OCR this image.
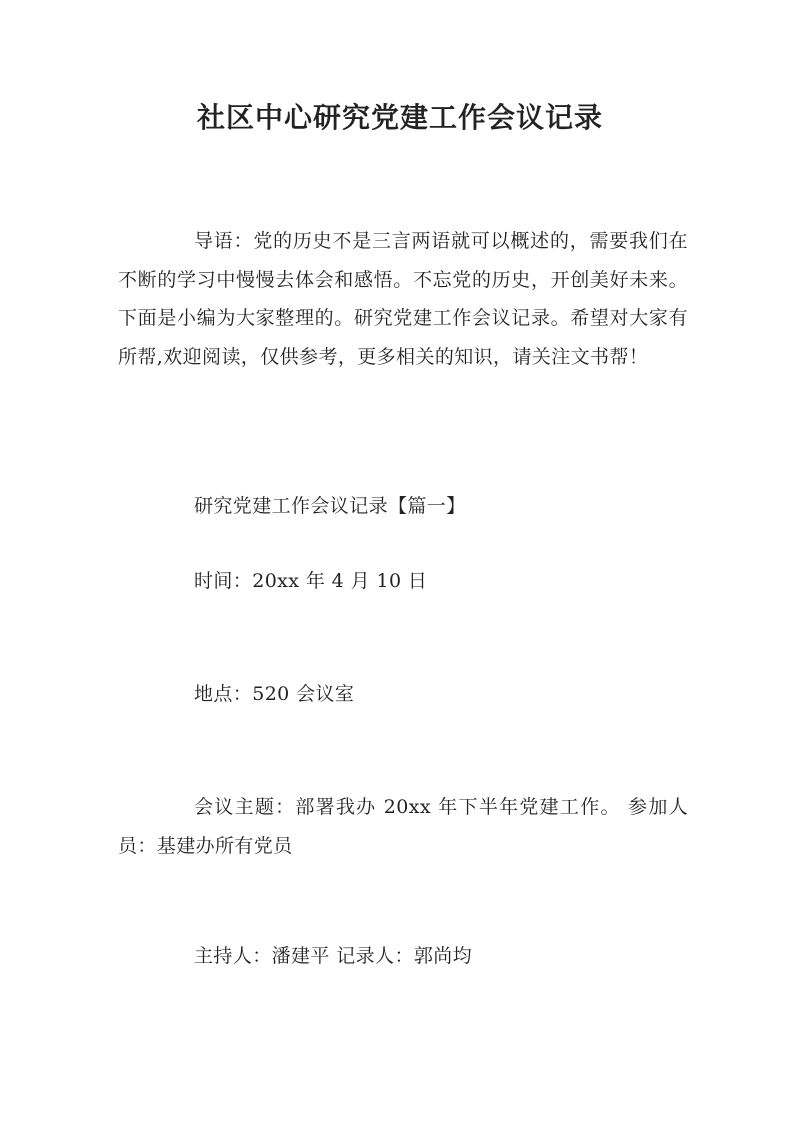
社区中心研究党建工作会议记录

导语：党的历史不是三言两语就可以概述的，需要我们在不断的学习中慢慢去体会和感悟。不忘党的历史，开创美好未来。下面是小编为大家整理的。研究党建工作会议记录。希望对大家有所帮,欢迎阅读，仅供参考，更多相关的知识，请关注文书帮！

研究党建工作会议记录【篇一】

时间：20xx 年 4 月 10 日

地点：520 会议室

会议主题：部署我办 20xx 年下半年党建工作。 参加人员：基建办所有党员

主持人：潘建平 记录人：郭尚均
